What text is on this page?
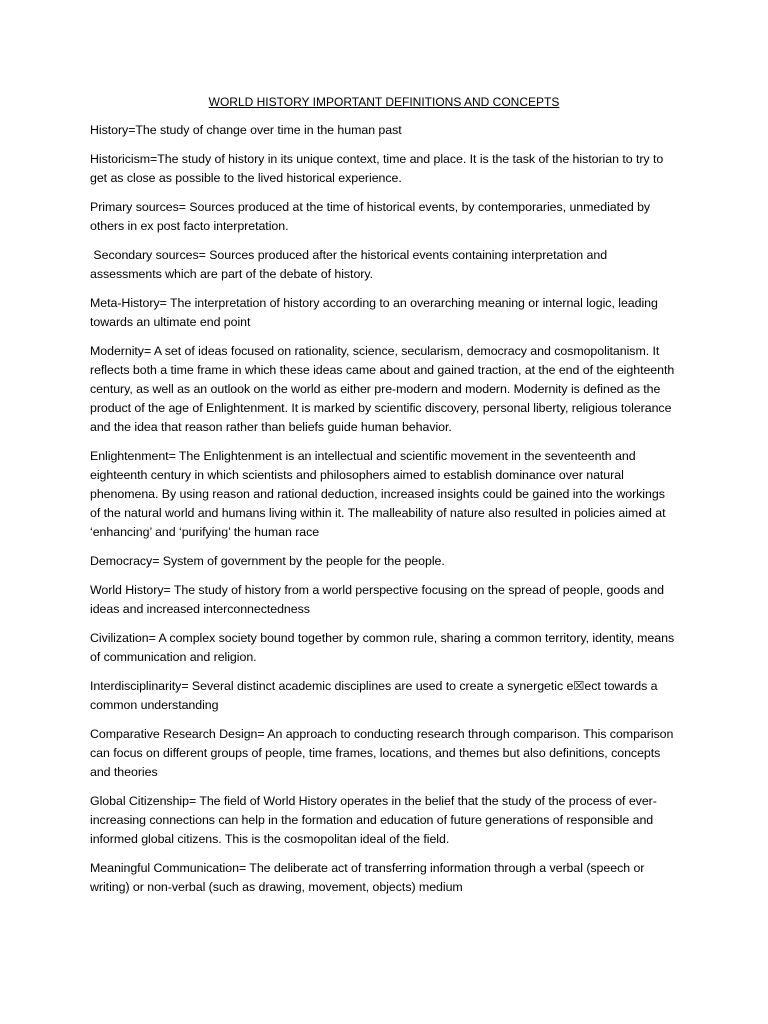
WORLD HISTORY IMPORTANT DEFINITIONS AND CONCEPTS
History=The study of change over time in the human past
Historicism=The study of history in its unique context, time and place. It is the task of the historian to try to get as close as possible to the lived historical experience.
Primary sources= Sources produced at the time of historical events, by contemporaries, unmediated by others in ex post facto interpretation.
Secondary sources= Sources produced after the historical events containing interpretation and assessments which are part of the debate of history.
Meta-History= The interpretation of history according to an overarching meaning or internal logic, leading towards an ultimate end point
Modernity= A set of ideas focused on rationality, science, secularism, democracy and cosmopolitanism. It reflects both a time frame in which these ideas came about and gained traction, at the end of the eighteenth century, as well as an outlook on the world as either pre-modern and modern. Modernity is defined as the product of the age of Enlightenment. It is marked by scientific discovery, personal liberty, religious tolerance and the idea that reason rather than beliefs guide human behavior.
Enlightenment= The Enlightenment is an intellectual and scientific movement in the seventeenth and eighteenth century in which scientists and philosophers aimed to establish dominance over natural phenomena. By using reason and rational deduction, increased insights could be gained into the workings of the natural world and humans living within it. The malleability of nature also resulted in policies aimed at ‘enhancing’ and ‘purifying’ the human race
Democracy= System of government by the people for the people.
World History= The study of history from a world perspective focusing on the spread of people, goods and ideas and increased interconnectedness
Civilization= A complex society bound together by common rule, sharing a common territory, identity, means of communication and religion.
Interdisciplinarity= Several distinct academic disciplines are used to create a synergetic e☒ect towards a common understanding
Comparative Research Design= An approach to conducting research through comparison. This comparison can focus on different groups of people, time frames, locations, and themes but also definitions, concepts and theories
Global Citizenship= The field of World History operates in the belief that the study of the process of ever-increasing connections can help in the formation and education of future generations of responsible and informed global citizens. This is the cosmopolitan ideal of the field.
Meaningful Communication= The deliberate act of transferring information through a verbal (speech or writing) or non-verbal (such as drawing, movement, objects) medium
